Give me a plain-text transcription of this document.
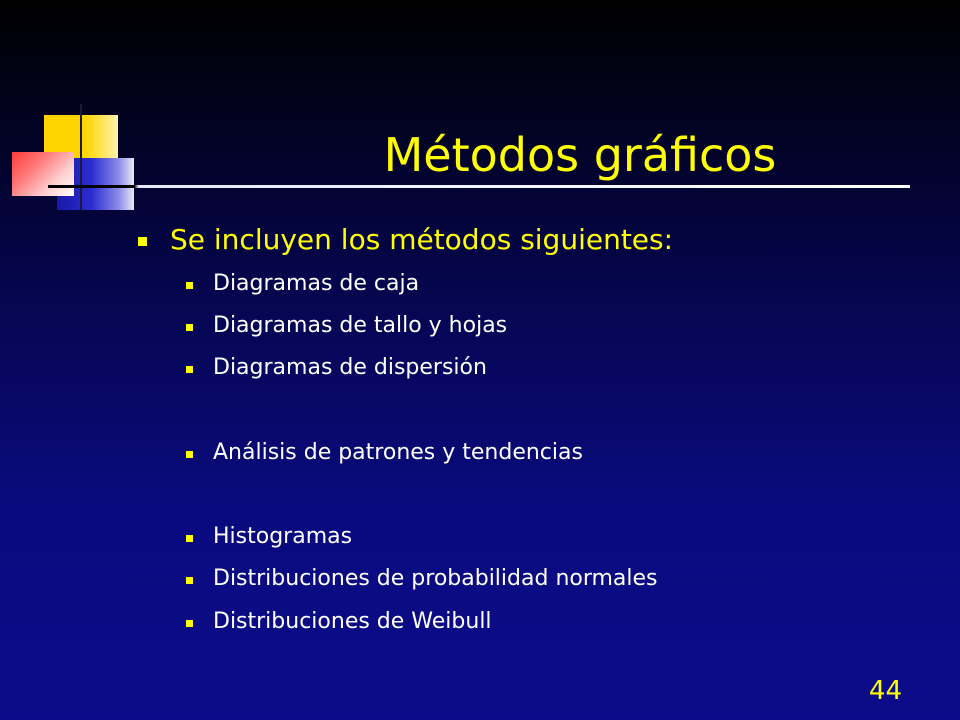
Métodos gráficos
Se incluyen los métodos siguientes:
Diagramas de caja
Diagramas de tallo y hojas
Diagramas de dispersión
Análisis de patrones y tendencias
Histogramas
Distribuciones de probabilidad normales
Distribuciones de Weibull
44
